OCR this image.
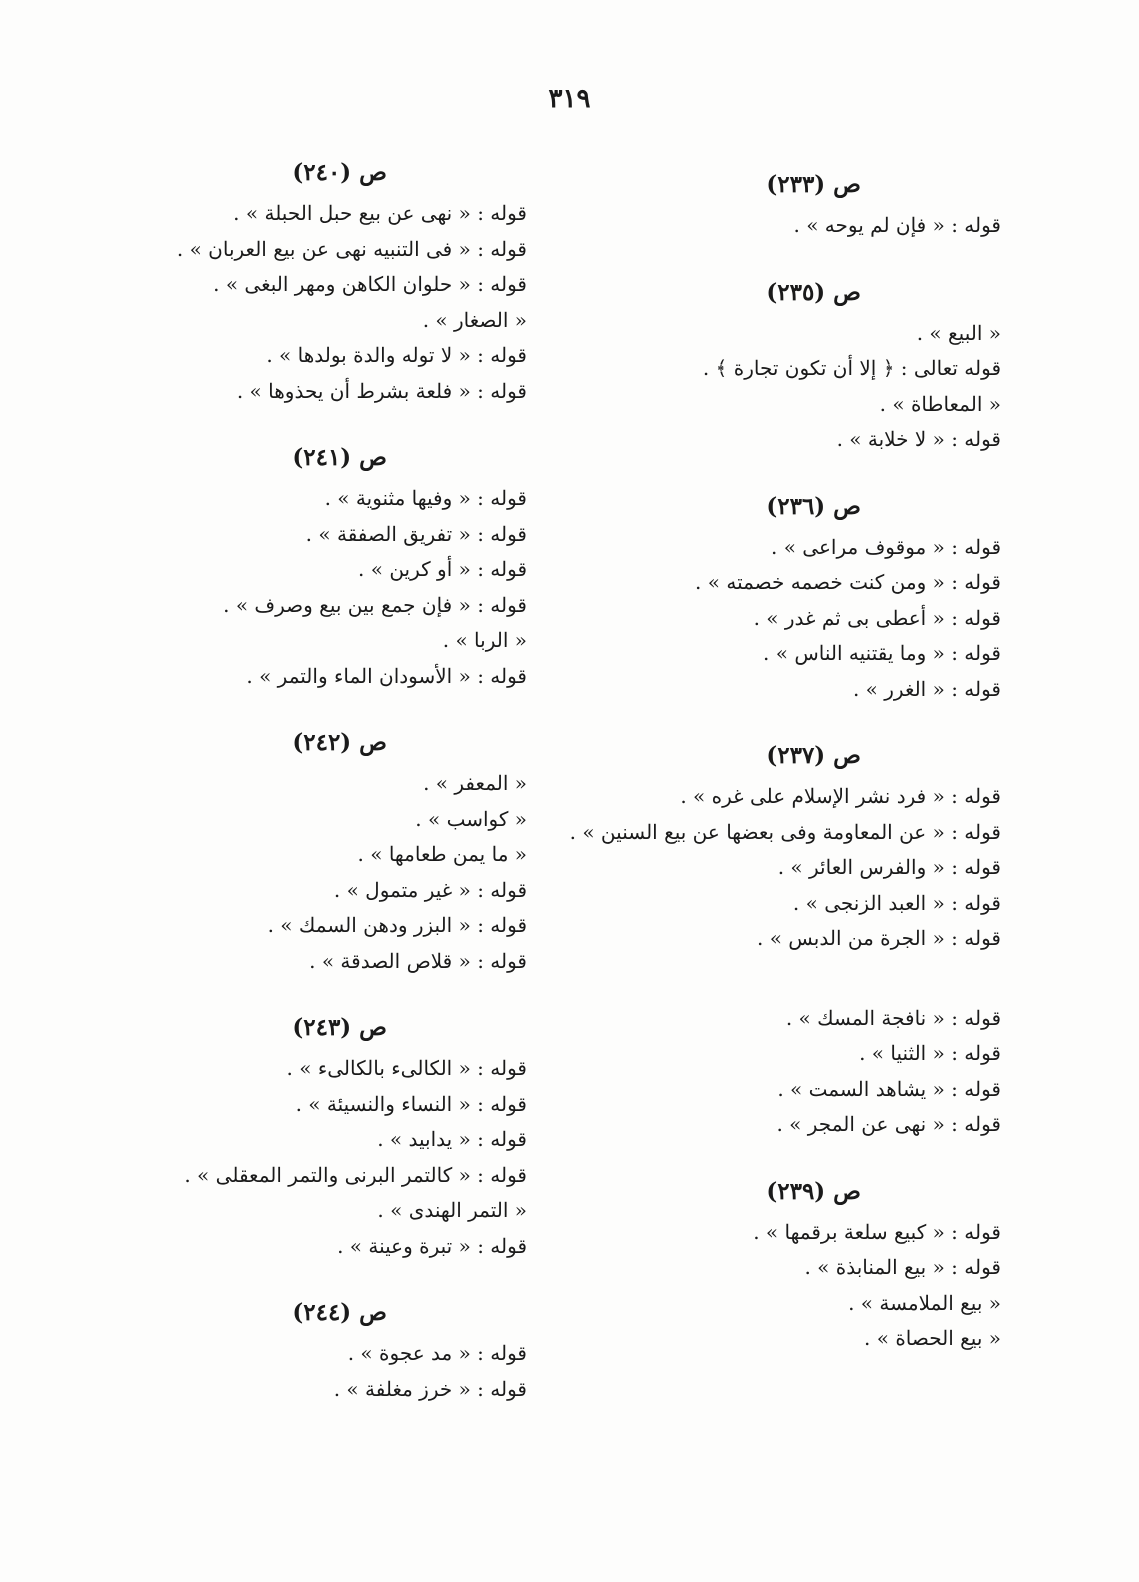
٣١٩
ص (٢٣٣)
قوله : « فإن لم يوحه » .
ص (٢٣٥)
« البيع » .
قوله تعالى : ﴿ إلا أن تكون تجارة ﴾ .
« المعاطاة » .
قوله : « لا خلابة » .
ص (٢٣٦)
قوله : « موقوف مراعى » .
قوله : « ومن كنت خصمه خصمته » .
قوله : « أعطى بى ثم غدر » .
قوله : « وما يقتنيه الناس » .
قوله : « الغرر » .
ص (٢٣٧)
قوله : « فرد نشر الإسلام على غره » .
قوله : « عن المعاومة وفى بعضها عن بيع السنين » .
قوله : « والفرس العائر » .
قوله : « العبد الزنجى » .
قوله : « الجرة من الدبس » .
قوله : « نافجة المسك » .
قوله : « الثنيا » .
قوله : « يشاهد السمت » .
قوله : « نهى عن المجر » .
ص (٢٣٩)
قوله : « كبيع سلعة برقمها » .
قوله : « بيع المنابذة » .
« بيع الملامسة » .
« بيع الحصاة » .
ص (٢٤٠)
قوله : « نهى عن بيع حبل الحبلة » .
قوله : « فى التنبيه نهى عن بيع العربان » .
قوله : « حلوان الكاهن ومهر البغى » .
« الصغار » .
قوله : « لا توله والدة بولدها » .
قوله : « فلعة بشرط أن يحذوها » .
ص (٢٤١)
قوله : « وفيها مثنوية » .
قوله : « تفريق الصفقة » .
قوله : « أو كرين » .
قوله : « فإن جمع بين بيع وصرف » .
« الربا » .
قوله : « الأسودان الماء والتمر » .
ص (٢٤٢)
« المعفر » .
« كواسب » .
« ما يمن طعامها » .
قوله : « غير متمول » .
قوله : « البزر ودهن السمك » .
قوله : « قلاص الصدقة » .
ص (٢٤٣)
قوله : « الكالىء بالكالىء » .
قوله : « النساء والنسيئة » .
قوله : « يدابيد » .
قوله : « كالتمر البرنى والتمر المعقلى » .
« التمر الهندى » .
قوله : « تبرة وعينة » .
ص (٢٤٤)
قوله : « مد عجوة » .
قوله : « خرز مغلفة » .
